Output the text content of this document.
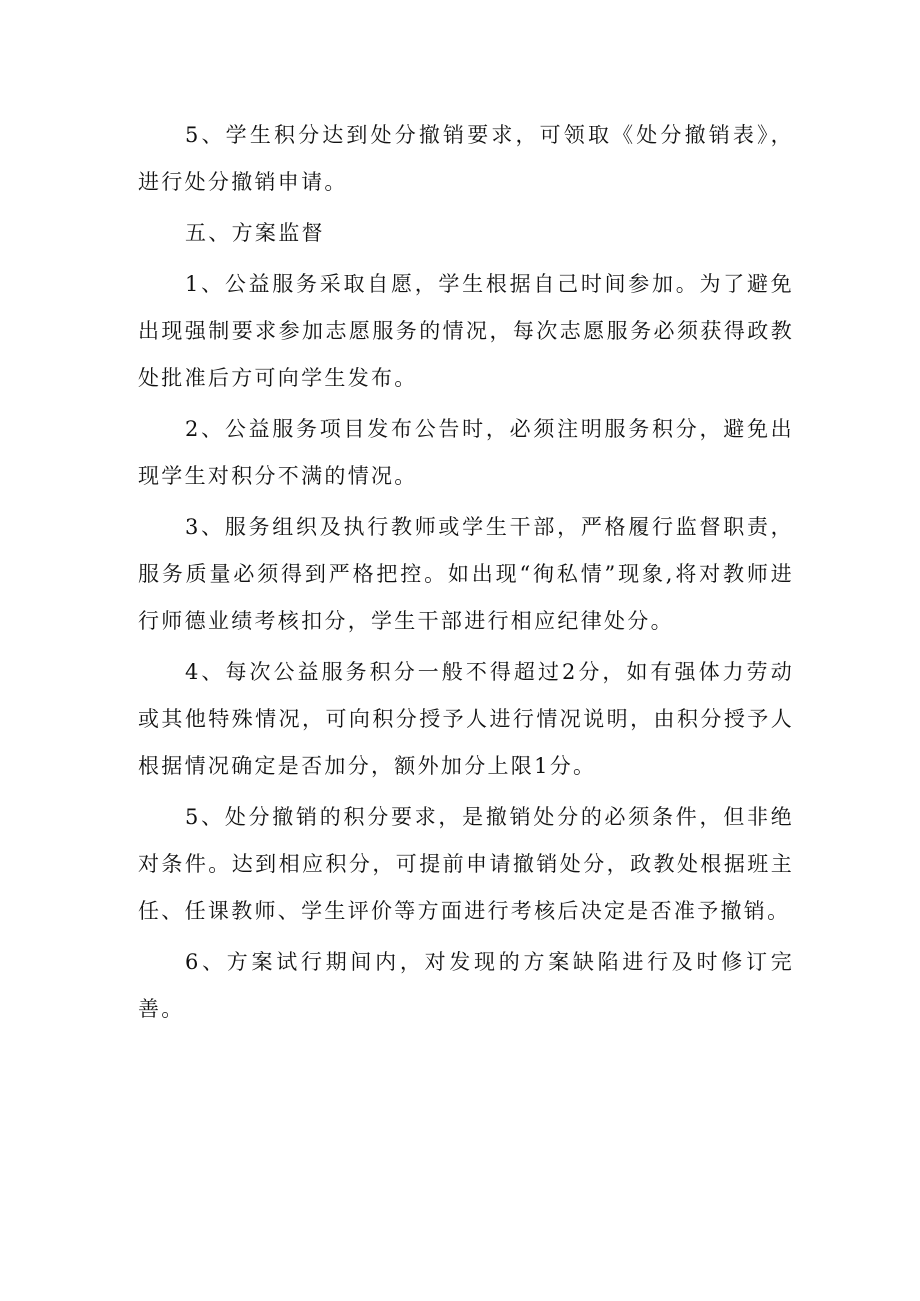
5、学生积分达到处分撤销要求，可领取《处分撤销表》，进行处分撤销申请。

五、方案监督

1、公益服务采取自愿，学生根据自己时间参加。为了避免出现强制要求参加志愿服务的情况，每次志愿服务必须获得政教处批准后方可向学生发布。

2、公益服务项目发布公告时，必须注明服务积分，避免出现学生对积分不满的情况。

3、服务组织及执行教师或学生干部，严格履行监督职责，服务质量必须得到严格把控。如出现“徇私情”现象,将对教师进行师德业绩考核扣分，学生干部进行相应纪律处分。

4、每次公益服务积分一般不得超过2分，如有强体力劳动或其他特殊情况，可向积分授予人进行情况说明，由积分授予人根据情况确定是否加分，额外加分上限1分。

5、处分撤销的积分要求，是撤销处分的必须条件，但非绝对条件。达到相应积分，可提前申请撤销处分，政教处根据班主任、任课教师、学生评价等方面进行考核后决定是否准予撤销。

6、方案试行期间内，对发现的方案缺陷进行及时修订完善。
